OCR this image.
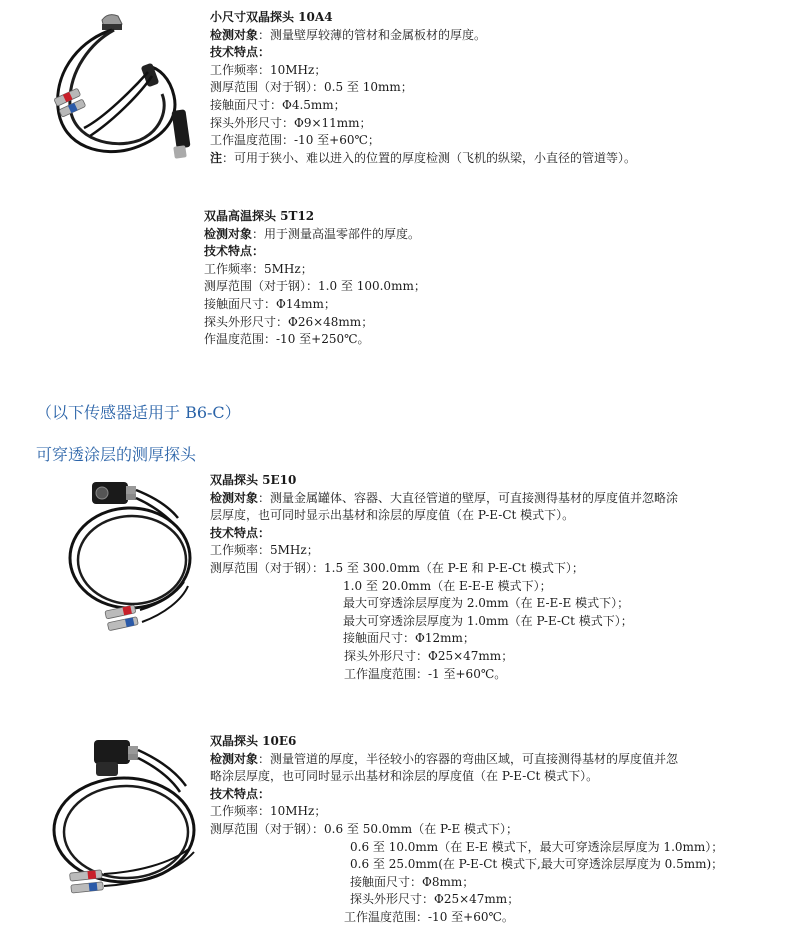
小尺寸双晶探头 10A4
检测对象：测量壁厚较薄的管材和金属板材的厚度。
技术特点：
工作频率：10MHz；
测厚范围（对于钢）：0.5 至 10mm；
接触面尺寸：Φ4.5mm；
探头外形尺寸：Φ9×11mm；
工作温度范围：-10 至+60℃；
注：可用于狭小、难以进入的位置的厚度检测（飞机的纵梁，小直径的管道等）。
双晶高温探头 5T12
检测对象：用于测量高温零部件的厚度。
技术特点：
工作频率：5MHz；
测厚范围（对于钢）：1.0 至 100.0mm；
接触面尺寸：Φ14mm；
探头外形尺寸：Φ26×48mm；
作温度范围：-10 至+250℃。
（以下传感器适用于 B6-C）
可穿透涂层的测厚探头
双晶探头 5E10
检测对象：测量金属罐体、容器、大直径管道的壁厚，可直接测得基材的厚度值并忽略涂
层厚度，也可同时显示出基材和涂层的厚度值（在 P-E-Ct 模式下）。
技术特点：
工作频率：5MHz；
测厚范围（对于钢）：1.5 至 300.0mm（在 P-E 和 P-E-Ct 模式下）；
1.0 至 20.0mm（在 E-E-E 模式下）；
最大可穿透涂层厚度为 2.0mm（在 E-E-E 模式下）；
最大可穿透涂层厚度为 1.0mm（在 P-E-Ct 模式下）；
接触面尺寸：Φ12mm；
探头外形尺寸：Φ25×47mm；
工作温度范围：-1 至+60℃。
双晶探头 10E6
检测对象：测量管道的厚度，半径较小的容器的弯曲区域，可直接测得基材的厚度值并忽
略涂层厚度，也可同时显示出基材和涂层的厚度值（在 P-E-Ct 模式下）。
技术特点：
工作频率：10MHz；
测厚范围（对于钢）：0.6 至 50.0mm（在 P-E 模式下）；
0.6 至 10.0mm（在 E-E 模式下，最大可穿透涂层厚度为 1.0mm）；
0.6 至 25.0mm(在 P-E-Ct 模式下,最大可穿透涂层厚度为 0.5mm)；
接触面尺寸：Φ8mm；
探头外形尺寸：Φ25×47mm；
工作温度范围：-10 至+60℃。
